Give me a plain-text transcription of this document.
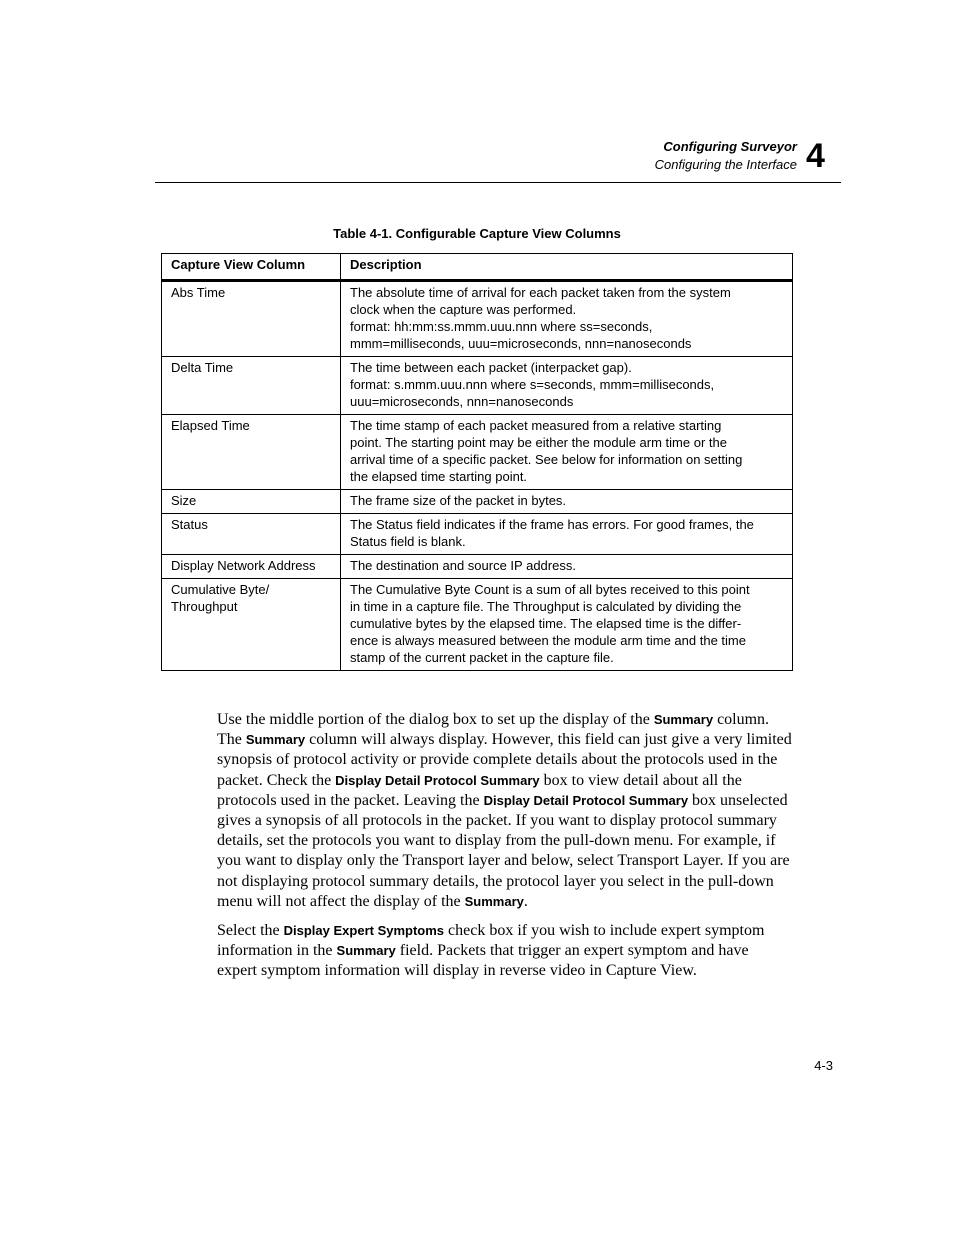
Configuring Surveyor
Configuring the Interface 4
Table 4-1. Configurable Capture View Columns
Capture View Column	Description

Abs Time	The absolute time of arrival for each packet taken from the system
clock when the capture was performed.
format: hh:mm:ss.mmm.uuu.nnn where ss=seconds,
mmm=milliseconds, uuu=microseconds, nnn=nanoseconds

Delta Time	The time between each packet (interpacket gap).
format: s.mmm.uuu.nnn where s=seconds, mmm=milliseconds,
uuu=microseconds, nnn=nanoseconds

Elapsed Time	The time stamp of each packet measured from a relative starting
point. The starting point may be either the module arm time or the
arrival time of a specific packet. See below for information on setting
the elapsed time starting point.

Size	The frame size of the packet in bytes.

Status	The Status field indicates if the frame has errors. For good frames, the
Status field is blank.

Display Network Address	The destination and source IP address.

Cumulative Byte/
Throughput	The Cumulative Byte Count is a sum of all bytes received to this point
in time in a capture file. The Throughput is calculated by dividing the
cumulative bytes by the elapsed time. The elapsed time is the differ-
ence is always measured between the module arm time and the time
stamp of the current packet in the capture file.

Use the middle portion of the dialog box to set up the display of the Summary column. The Summary column will always display. However, this field can just give a very limited synopsis of protocol activity or provide complete details about the protocols used in the packet. Check the Display Detail Protocol Summary box to view detail about all the protocols used in the packet. Leaving the Display Detail Protocol Summary box unselected gives a synopsis of all protocols in the packet. If you want to display protocol summary details, set the protocols you want to display from the pull-down menu. For example, if you want to display only the Transport layer and below, select Transport Layer. If you are not displaying protocol summary details, the protocol layer you select in the pull-down menu will not affect the display of the Summary.

Select the Display Expert Symptoms check box if you wish to include expert symptom information in the Summary field. Packets that trigger an expert symptom and have expert symptom information will display in reverse video in Capture View.

4-3
